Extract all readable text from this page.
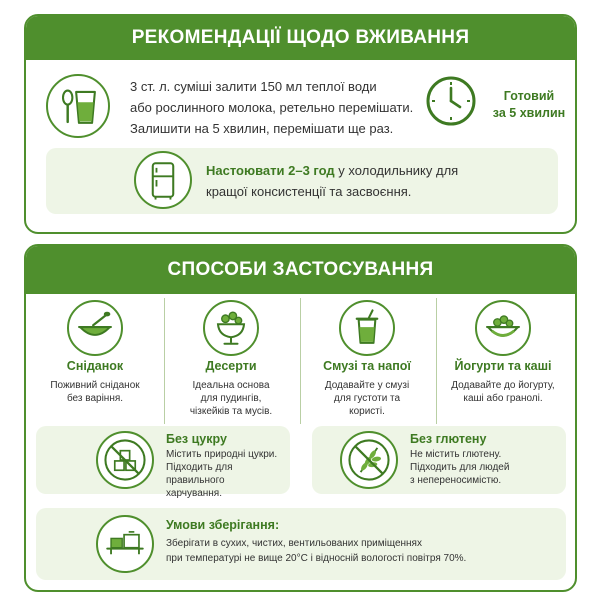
РЕКОМЕНДАЦІЇ ЩОДО ВЖИВАННЯ
3 ст. л. суміші залити 150 мл теплої води
або рослинного молока, ретельно перемішати.
Залишити на 5 хвилин, перемішати ще раз.
Готовий
за 5 хвилин
Настоювати 2–3 год у холодильнику для
кращої консистенції та засвоєння.
СПОСОБИ ЗАСТОСУВАННЯ
Сніданок
Поживний сніданок
без варіння.
Десерти
Ідеальна основа
для пудингів,
чізкейків та мусів.
Смузі та напої
Додавайте у смузі
для густоти та
користі.
Йогурти та каші
Додавайте до йогурту,
каші або гранолі.
Без цукру
Містить природні цукри.
Підходить для правильного
харчування.
Без глютену
Не містить глютену.
Підходить для людей
з непереносимістю.
Умови зберігання:
Зберігати в сухих, чистих, вентильованих приміщеннях
при температурі не вище 20°C і відносній вологості повітря 70%.
